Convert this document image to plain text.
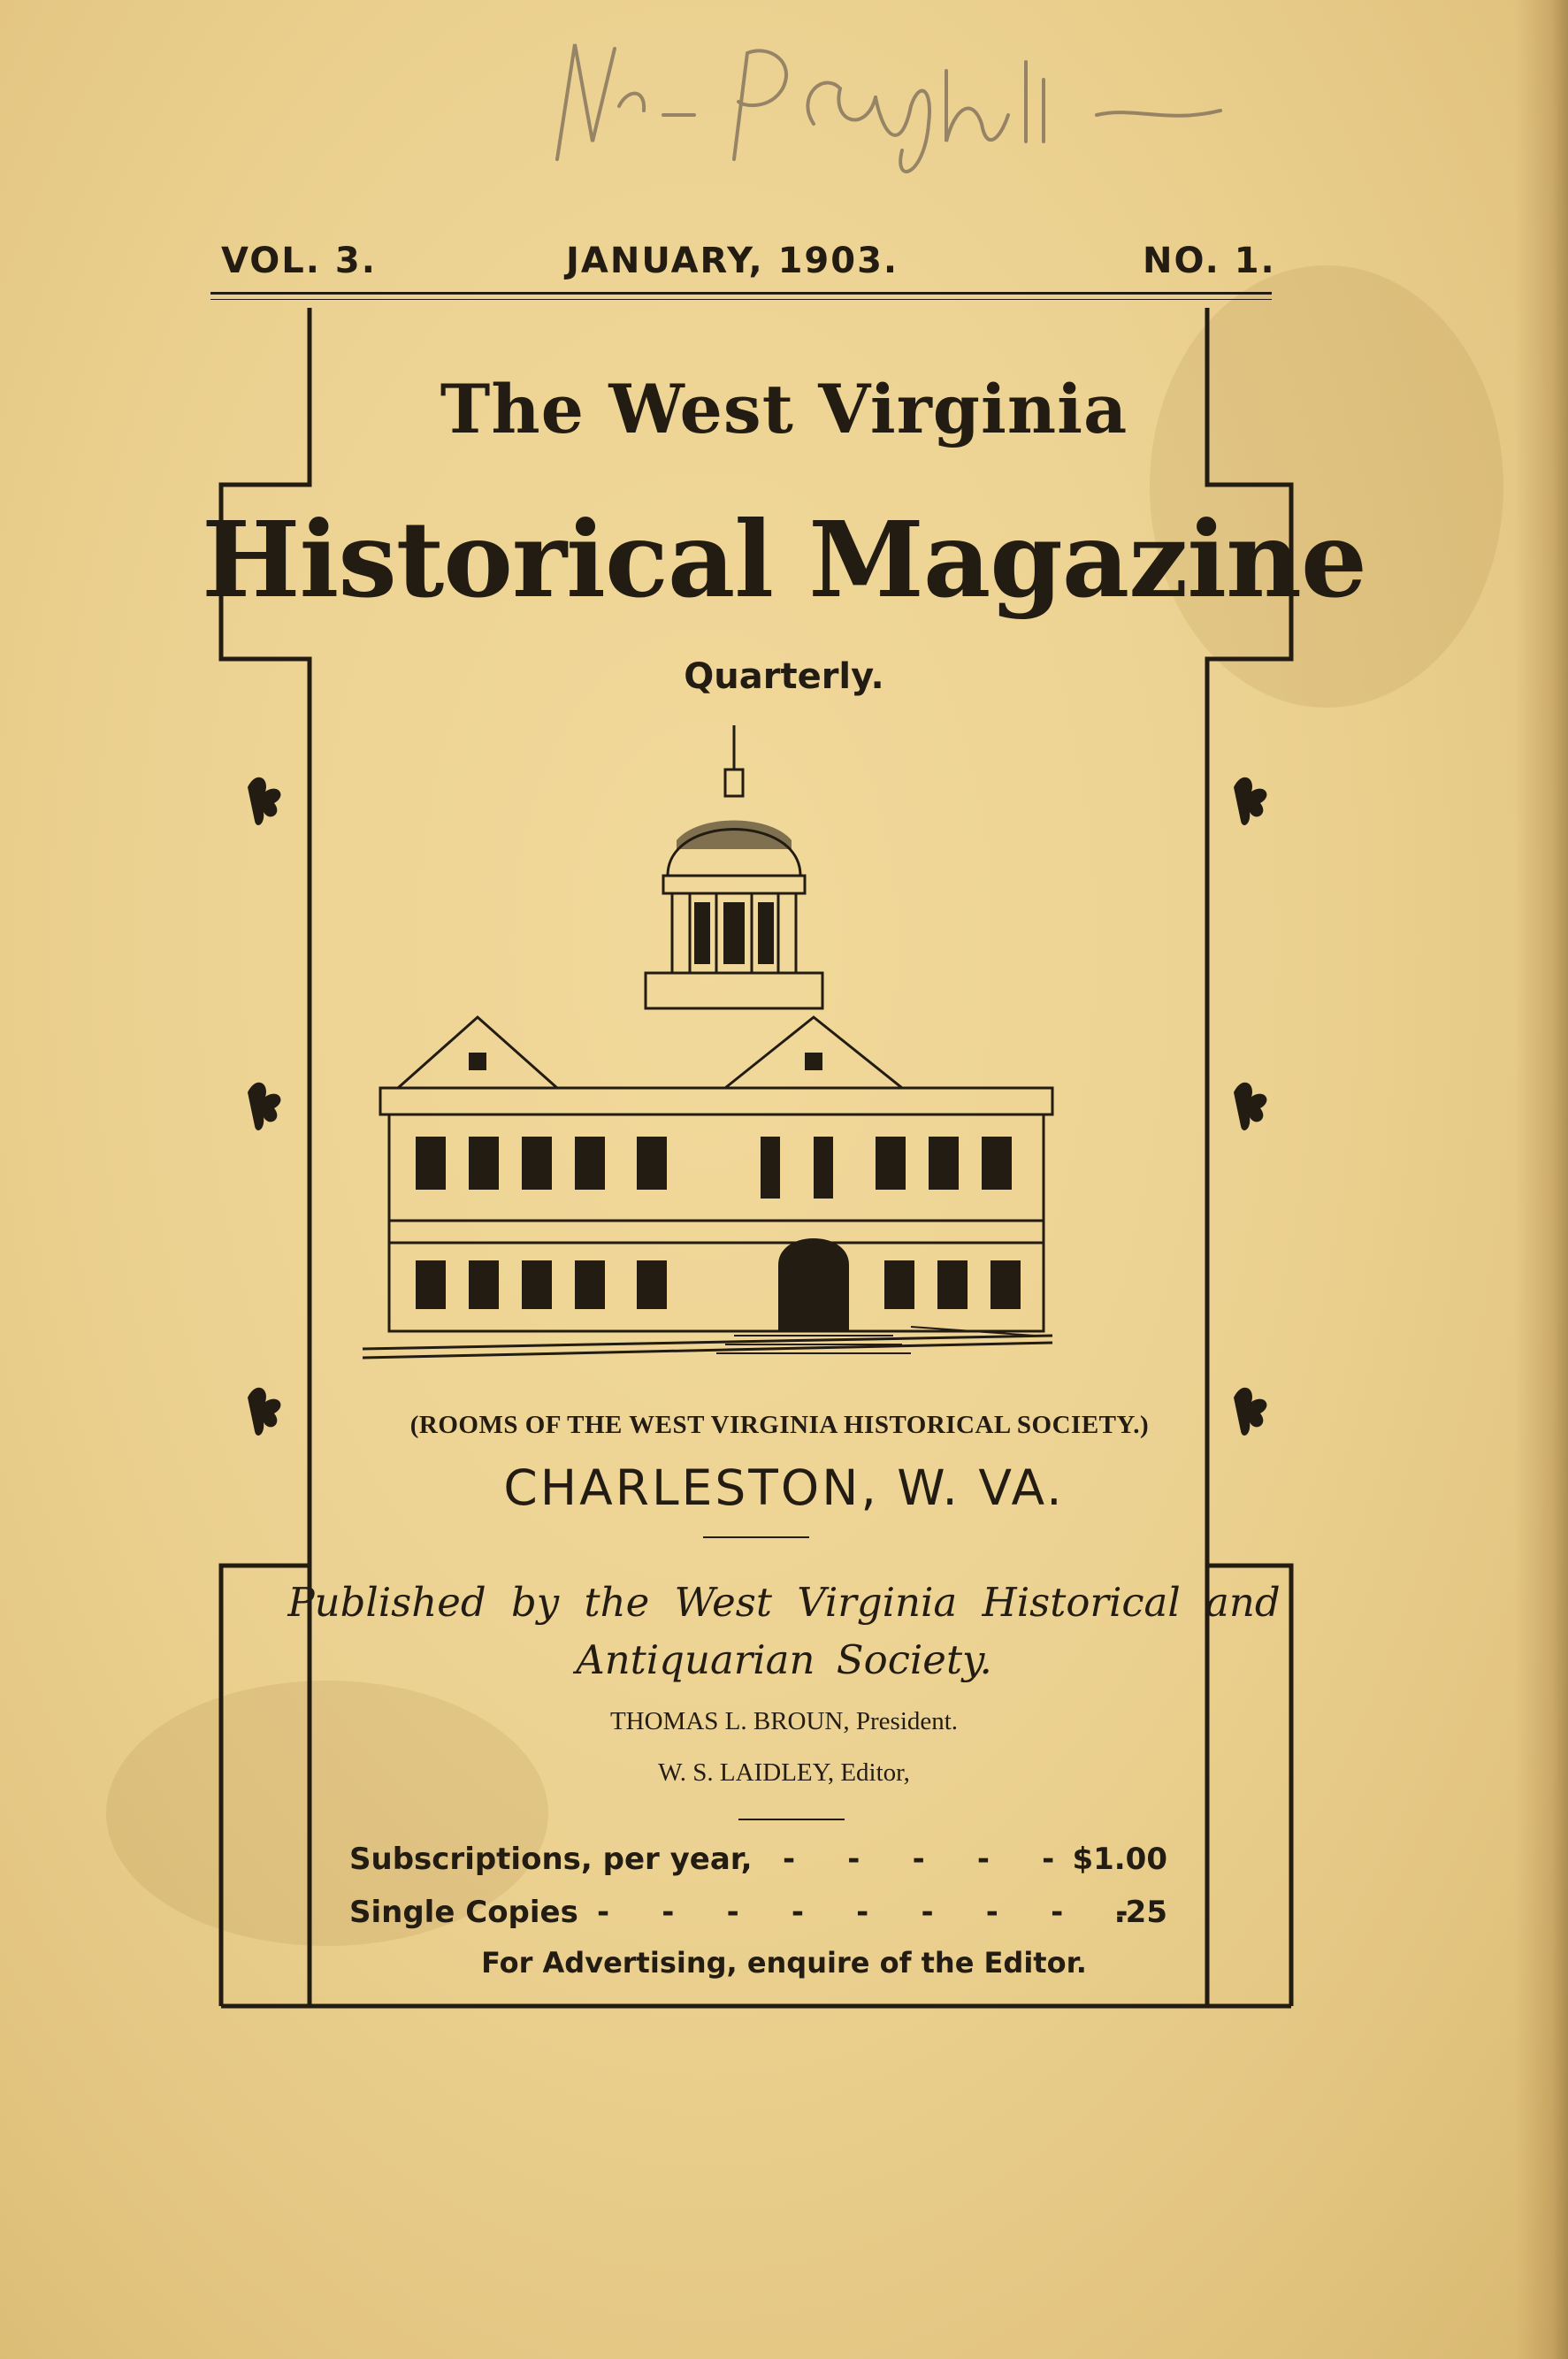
VOL. 3.	JANUARY, 1903.	NO. 1.
The West Virginia
Historical Magazine
Quarterly.
(ROOMS OF THE WEST VIRGINIA HISTORICAL SOCIETY.)
CHARLESTON, W. VA.
Published by the West Virginia Historical and
Antiquarian Society.
THOMAS L. BROUN, President.
W. S. LAIDLEY, Editor,
Subscriptions, per year, -     -     -     -     - $1.00
Single Copies -     -     -     -     -     -     -     -     -
.25
For Advertising, enquire of the Editor.
